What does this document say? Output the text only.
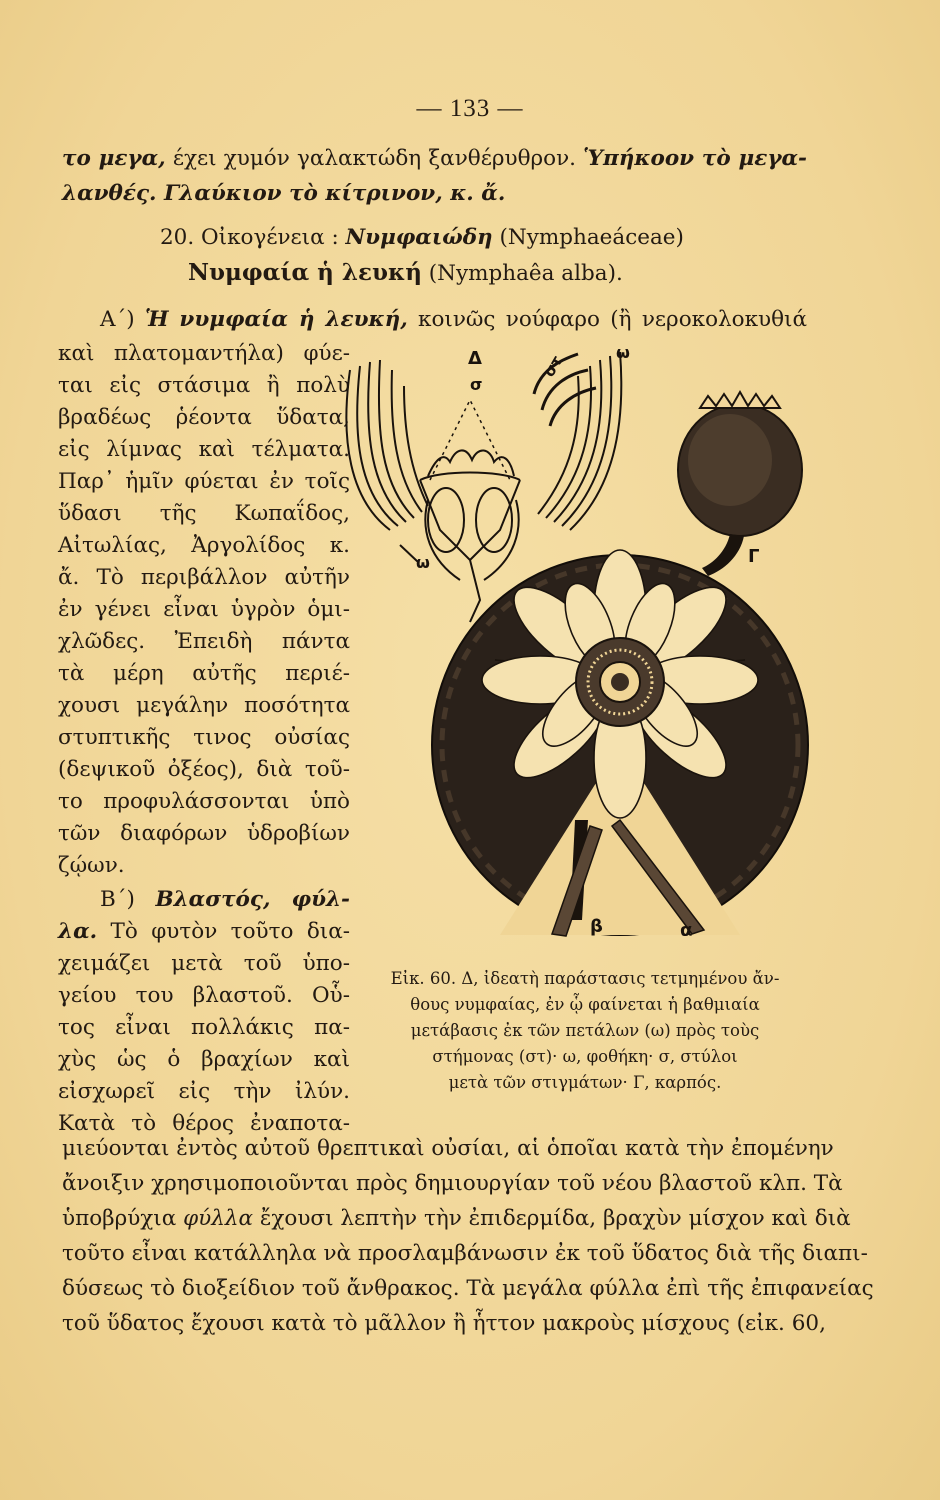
— 133 —
το μεγα, έχει χυμόν γαλακτώδη ξανθέρυθρον. Ὑπήκοον τὸ μεγα-
λανθές. Γλαύκιον τὸ κίτρινον, κ. ἄ.
20. Οἰκογένεια : Νυμφαιώδη (Nymphaeáceae)
Νυμφαία ἡ λευκή (Nymphaêa alba).
Α΄) Ἡ νυμφαία ἡ λευκή, κοινῶς νούφαρο (ἢ νεροκολοκυθιά
καὶ πλατομαντήλα) φύε-
ται εἰς στάσιμα ἢ πολὺ
βραδέως ῥέοντα ὕδατα,
εἰς λίμνας καὶ τέλματα.
Παρ᾽ ἡμῖν φύεται ἐν τοῖς
ὕδασι τῆς Κωπαΐδος,
Αἰτωλίας, Ἀργολίδος κ.
ἄ. Τὸ περιβάλλον αὐτῆν
ἐν γένει εἶναι ὑγρὸν ὁμι-
χλῶδες. Ἐπειδὴ πάντα
τὰ μέρη αὐτῆς περιέ-
χουσι μεγάλην ποσότητα
στυπτικῆς τινος οὐσίας
(δεψικοῦ ὀξέος), διὰ τοῦ-
το προφυλάσσονται ὑπὸ
τῶν διαφόρων ὑδροβίων
ζῴων.
Β΄) Βλαστός, φύλ-
λα. Τὸ φυτὸν τοῦτο δια-
χειμάζει μετὰ τοῦ ὑπο-
γείου του βλαστοῦ. Οὗ-
τος εἶναι πολλάκις πα-
χὺς ὡς ὁ βραχίων καὶ
εἰσχωρεῖ εἰς τὴν ἰλύν.
Κατὰ τὸ θέρος ἐναποτα-
Δ
σ
στ
ω
ω	Γ
β	α
Εἰκ. 60. Δ, ἰδεατὴ παράστασις τετμημένου ἄν-
θους νυμφαίας, ἐν ᾧ φαίνεται ἡ βαθμιαία
μετάβασις ἐκ τῶν πετάλων (ω) πρὸς τοὺς
στήμονας (στ)· ω, φοθήκη· σ, στύλοι
μετὰ τῶν στιγμάτων· Γ, καρπός.
μιεύονται ἐντὸς αὐτοῦ θρεπτικαὶ οὐσίαι, αἱ ὁποῖαι κατὰ τὴν ἐπομένην
ἄνοιξιν χρησιμοποιοῦνται πρὸς δημιουργίαν τοῦ νέου βλαστοῦ κλπ. Τὰ
ὑποβρύχια φύλλα ἔχουσι λεπτὴν τὴν ἐπιδερμίδα, βραχὺν μίσχον καὶ διὰ
τοῦτο εἶναι κατάλληλα νὰ προσλαμβάνωσιν ἐκ τοῦ ὕδατος διὰ τῆς διαπι-
δύσεως τὸ διοξείδιον τοῦ ἄνθρακος. Τὰ μεγάλα φύλλα ἐπὶ τῆς ἐπιφανείας
τοῦ ὕδατος ἔχουσι κατὰ τὸ μᾶλλον ἢ ἧττον μακροὺς μίσχους (εἰκ. 60,
